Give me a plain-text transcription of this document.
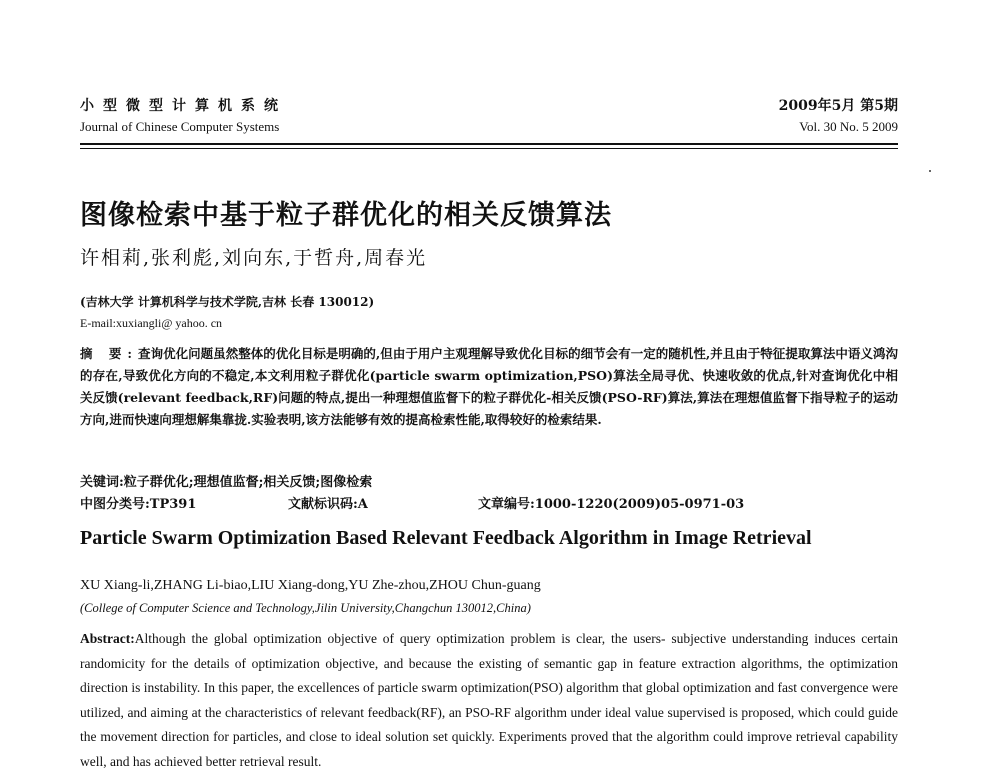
小型微型计算机系统
Journal of Chinese Computer Systems
2009年5月 第5期
Vol. 30 No. 5 2009
图像检索中基于粒子群优化的相关反馈算法
许相莉,张利彪,刘向东,于哲舟,周春光
(吉林大学 计算机科学与技术学院,吉林 长春 130012)
E-mail:xuxiangli@ yahoo. cn
摘 要:查询优化问题虽然整体的优化目标是明确的,但由于用户主观理解导致优化目标的细节会有一定的随机性,并且由于特征提取算法中语义鸿沟的存在,导致优化方向的不稳定,本文利用粒子群优化(particle swarm optimization,PSO)算法全局寻优、快速收敛的优点,针对查询优化中相关反馈(relevant feedback,RF)问题的特点,提出一种理想值监督下的粒子群优化-相关反馈(PSO-RF)算法,算法在理想值监督下指导粒子的运动方向,进而快速向理想解集靠拢.实验表明,该方法能够有效的提高检索性能,取得较好的检索结果.
关键词:粒子群优化;理想值监督;相关反馈;图像检索
中图分类号:TP391	文献标识码:A	文章编号:1000-1220(2009)05-0971-03
Particle Swarm Optimization Based Relevant Feedback Algorithm in Image Retrieval
XU Xiang-li,ZHANG Li-biao,LIU Xiang-dong,YU Zhe-zhou,ZHOU Chun-guang
(College of Computer Science and Technology,Jilin University,Changchun 130012,China)
Abstract:Although the global optimization objective of query optimization problem is clear, the users- subjective understanding induces certain randomicity for the details of optimization objective, and because the existing of semantic gap in feature extraction algorithms, the optimization direction is instability. In this paper, the excellences of particle swarm optimization(PSO) algorithm that global optimization and fast convergence were utilized, and aiming at the characteristics of relevant feedback(RF), an PSO-RF algorithm under ideal value supervised is proposed, which could guide the movement direction for particles, and close to ideal solution set quickly. Experiments proved that the algorithm could improve retrieval capability well, and has achieved better retrieval result.
